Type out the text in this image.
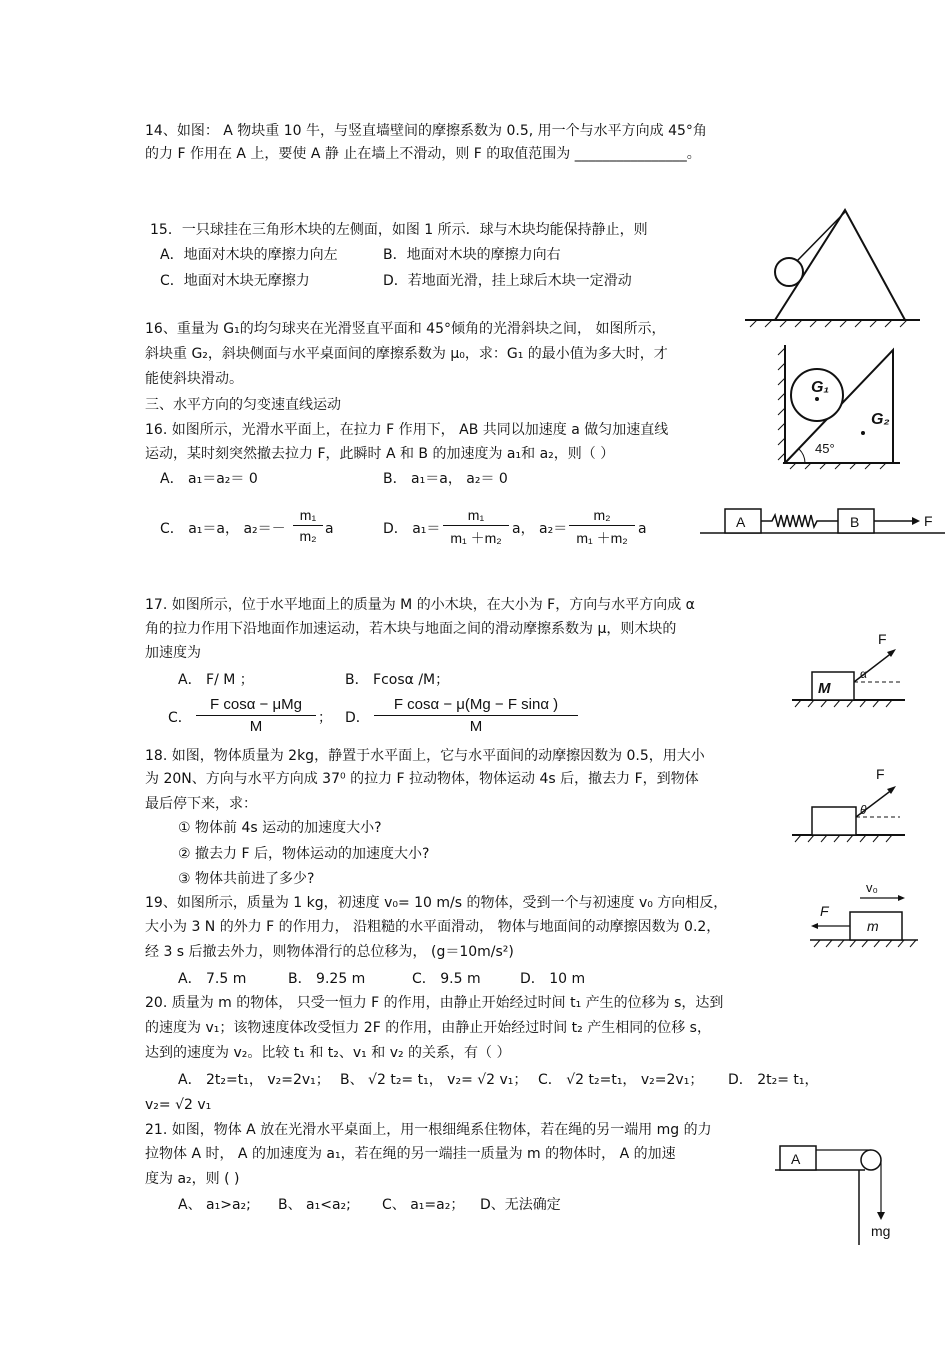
14、如图： A 物块重 10 牛，与竖直墙壁间的摩擦系数为 0.5, 用一个与水平方向成 45°角
的力 F 作用在 A 上，要使 A 静 止在墙上不滑动，则 F 的取值范围为 ________________。
15．一只球挂在三角形木块的左侧面，如图 1 所示．球与木块均能保持静止，则
A．地面对木块的摩擦力向左	B．地面对木块的摩擦力向右
C．地面对木块无摩擦力	D．若地面光滑，挂上球后木块一定滑动
16、重量为 G₁的均匀球夹在光滑竖直平面和 45°倾角的光滑斜块之间， 如图所示，
斜块重 G₂，斜块侧面与水平桌面间的摩擦系数为 μ₀，求：G₁ 的最小值为多大时，才
能使斜块滑动。	G₁
G₂
45°
三、水平方向的匀变速直线运动
16. 如图所示，光滑水平面上，在拉力 F 作用下， AB 共同以加速度 a 做匀加速直线
运动，某时刻突然撤去拉力 F，此瞬时 A 和 B 的加速度为 a₁和 a₂，则（ ）
A． a₁＝a₂＝ 0	B． a₁＝a， a₂＝ 0
C． a₁＝a， a₂＝－
m₁
m₂ a	D． a₁＝
m₁
m₁ ＋m₂
a， a₂＝
m₂
m₁ ＋m₂
a	A	B	F
17. 如图所示，位于水平地面上的质量为 M 的小木块，在大小为 F，方向与水平方向成 α
角的拉力作用下沿地面作加速运动，若木块与地面之间的滑动摩擦系数为 μ，则木块的
加速度为
A． F/ M ；	B． Fcosα /M；
C．
F cosα − μMg
M	； D．
F cosα − μ(Mg − F sinα )
M
M
F
α
18. 如图，物体质量为 2kg，静置于水平面上，它与水平面间的动摩擦因数为 0.5，用大小
为 20N、方向与水平方向成 37⁰ 的拉力 F 拉动物体，物体运动 4s 后，撤去力 F，到物体
最后停下来，求：
① 物体前 4s 运动的加速度大小?
② 撤去力 F 后，物体运动的加速度大小?
③ 物体共前进了多少?
F
θ
19、如图所示，质量为 1 kg，初速度 v₀= 10 m/s 的物体，受到一个与初速度 v₀ 方向相反，
大小为 3 N 的外力 F 的作用力， 沿粗糙的水平面滑动， 物体与地面间的动摩擦因数为 0.2，
经 3 s 后撤去外力，则物体滑行的总位移为， (g＝10m/s²)
A． 7.5 m	B． 9.25 m	C． 9.5 m	D． 10 m
v₀
m
F
20. 质量为 m 的物体， 只受一恒力 F 的作用，由静止开始经过时间 t₁ 产生的位移为 s，达到
的速度为 v₁；该物速度体改受恒力 2F 的作用，由静止开始经过时间 t₂ 产生相同的位移 s，
达到的速度为 v₂。比较 t₁ 和 t₂、v₁ 和 v₂ 的关系，有（ ）
A． 2t₂=t₁， v₂=2v₁； B、 √2 t₂= t₁， v₂= √2 v₁； C． √2 t₂=t₁， v₂=2v₁； D． 2t₂= t₁，
v₂= √2 v₁
21. 如图，物体 A 放在光滑水平桌面上，用一根细绳系住物体，若在绳的另一端用 mg 的力
拉物体 A 时， A 的加速度为 a₁，若在绳的另一端挂一质量为 m 的物体时， A 的加速
度为 a₂，则 ( )
A、 a₁>a₂; B、 a₁<a₂; C、 a₁=a₂； D、无法确定
A
mg
